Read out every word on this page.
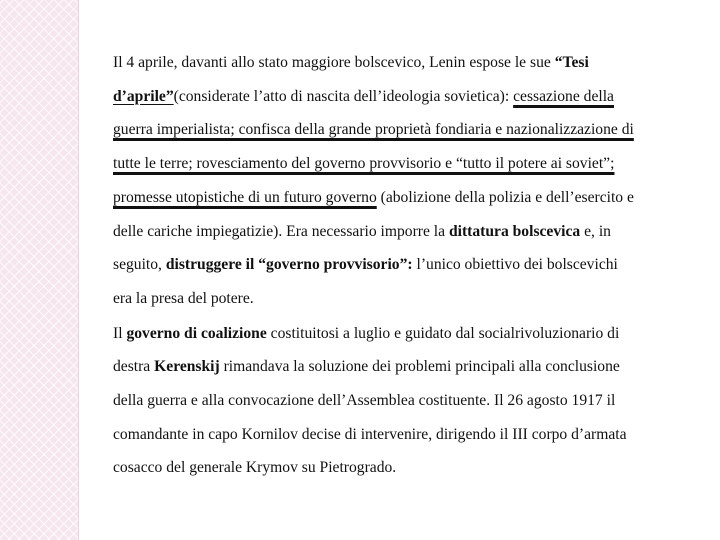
Il 4 aprile, davanti allo stato maggiore bolscevico, Lenin espose le sue “Tesi
d’aprile”(considerate l’atto di nascita dell’ideologia sovietica): cessazione della
guerra imperialista; confisca della grande proprietà fondiaria e nazionalizzazione di
tutte le terre; rovesciamento del governo provvisorio e “tutto il potere ai soviet”;
promesse utopistiche di un futuro governo (abolizione della polizia e dell’esercito e
delle cariche impiegatizie). Era necessario imporre la dittatura bolscevica e, in
seguito, distruggere il “governo provvisorio”: l’unico obiettivo dei bolscevichi
era la presa del potere.

Il governo di coalizione costituitosi a luglio e guidato dal socialrivoluzionario di
destra Kerenskij rimandava la soluzione dei problemi principali alla conclusione
della guerra e alla convocazione dell’Assemblea costituente. Il 26 agosto 1917 il
comandante in capo Kornilov decise di intervenire, dirigendo il III corpo d’armata
cosacco del generale Krymov su Pietrogrado.
